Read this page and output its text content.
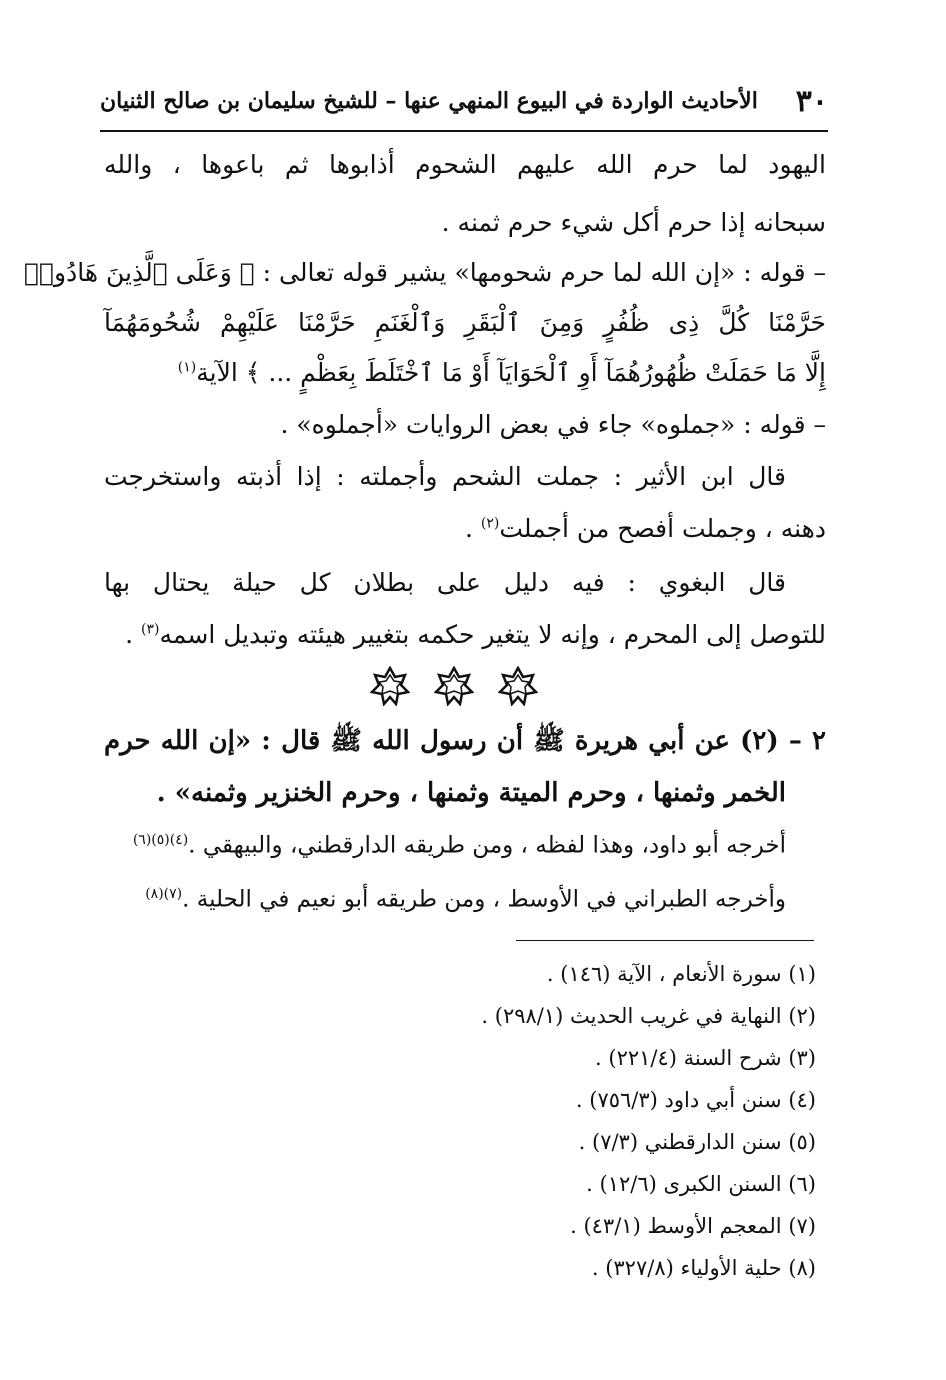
٣٠
الأحاديث الواردة في البيوع المنهي عنها – للشيخ سليمان بن صالح الثنيان
اليهود لما حرم الله عليهم الشحوم أذابوها ثم باعوها ، والله
سبحانه إذا حرم أكل شيء حرم ثمنه .
– قوله : «إن الله لما حرم شحومها» يشير قوله تعالى : ﴿ وَعَلَى ٱلَّذِينَ هَادُوا۟
حَرَّمْنَا كُلَّ ذِى ظُفُرٍ وَمِنَ ٱلْبَقَرِ وَٱلْغَنَمِ حَرَّمْنَا عَلَيْهِمْ شُحُومَهُمَآ
إِلَّا مَا حَمَلَتْ ظُهُورُهُمَآ أَوِ ٱلْحَوَايَآ أَوْ مَا ٱخْتَلَطَ بِعَظْمٍ ... ﴾ الآية$^{(١)}$
– قوله : «جملوه» جاء في بعض الروايات «أجملوه» .
قال ابن الأثير : جملت الشحم وأجملته : إذا أذبته واستخرجت
دهنه ، وجملت أفصح من أجملت$^{(٢)}$ .
قال البغوي : فيه دليل على بطلان كل حيلة يحتال بها
للتوصل إلى المحرم ، وإنه لا يتغير حكمه بتغيير هيئته وتبديل اسمه$^{(٣)}$ .
٢ – (٢) عن أبي هريرة ﷺ أن رسول الله ﷺ قال : «إن الله حرم
الخمر وثمنها ، وحرم الميتة وثمنها ، وحرم الخنزير وثمنه» .
أخرجه أبو داود، وهذا لفظه ، ومن طريقه الدارقطني، والبيهقي .$^{(٤)(٥)(٦)}$
وأخرجه الطبراني في الأوسط ، ومن طريقه أبو نعيم في الحلية .$^{(٧)(٨)}$
(١) سورة الأنعام ، الآية (١٤٦) .
(٢) النهاية في غريب الحديث (٢٩٨/١) .
(٣) شرح السنة (٢٢١/٤) .
(٤) سنن أبي داود (٧٥٦/٣) .
(٥) سنن الدارقطني (٧/٣) .
(٦) السنن الكبرى (١٢/٦) .
(٧) المعجم الأوسط (٤٣/١) .
(٨) حلية الأولياء (٣٢٧/٨) .
